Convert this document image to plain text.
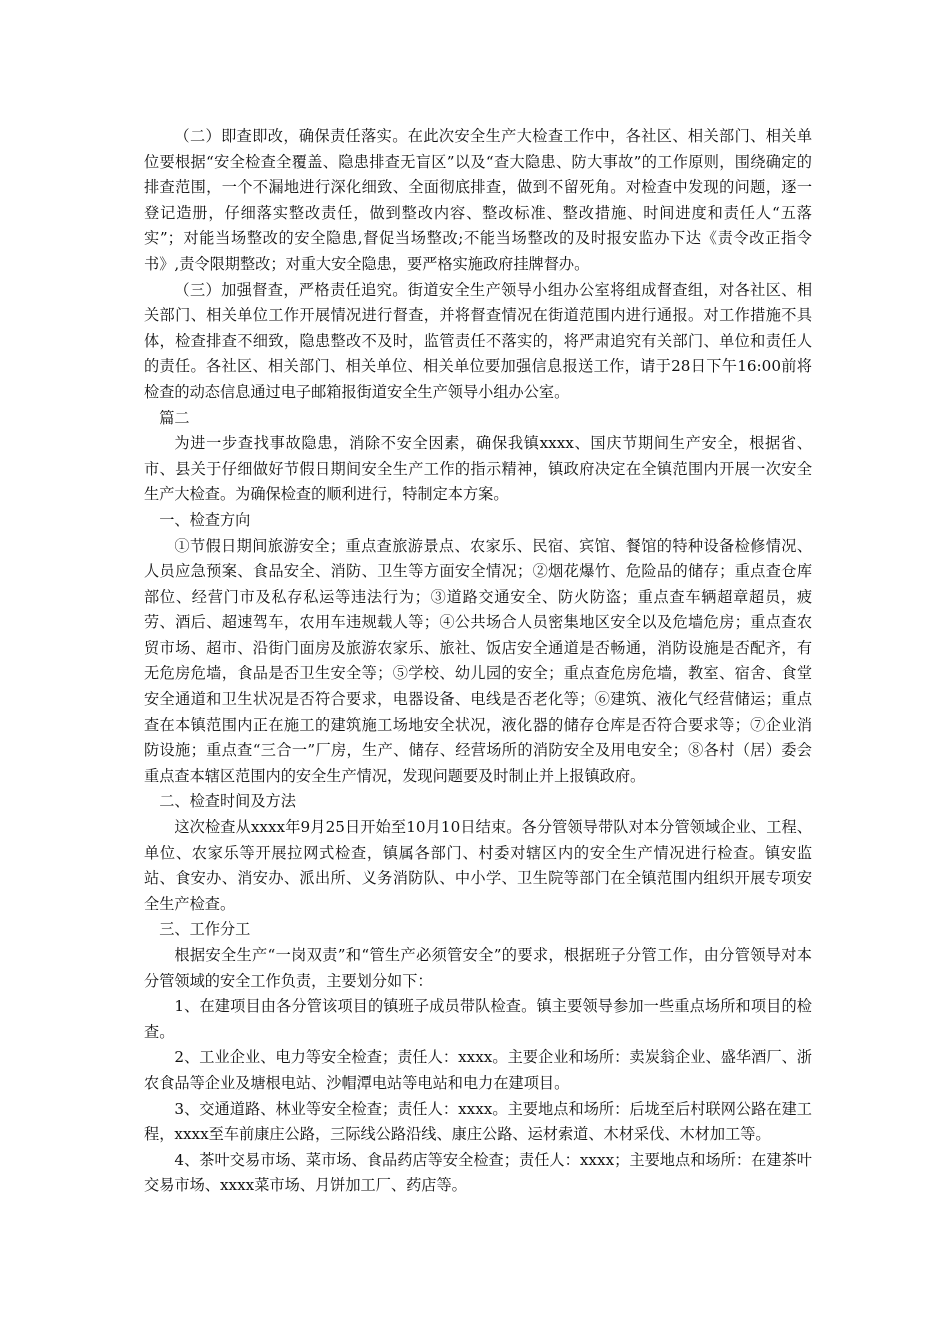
（二）即查即改，确保责任落实。在此次安全生产大检查工作中，各社区、相关部门、相关单位要根据“安全检查全覆盖、隐患排查无盲区”以及“查大隐患、防大事故”的工作原则，围绕确定的排查范围，一个不漏地进行深化细致、全面彻底排查，做到不留死角。对检查中发现的问题，逐一登记造册，仔细落实整改责任，做到整改内容、整改标准、整改措施、时间进度和责任人“五落实”；对能当场整改的安全隐患,督促当场整改;不能当场整改的及时报安监办下达《责令改正指令书》,责令限期整改；对重大安全隐患，要严格实施政府挂牌督办。

（三）加强督查，严格责任追究。街道安全生产领导小组办公室将组成督查组，对各社区、相关部门、相关单位工作开展情况进行督查，并将督查情况在街道范围内进行通报。对工作措施不具体，检查排查不细致，隐患整改不及时，监管责任不落实的，将严肃追究有关部门、单位和责任人的责任。各社区、相关部门、相关单位、相关单位要加强信息报送工作，请于28日下午16:00前将检查的动态信息通过电子邮箱报街道安全生产领导小组办公室。

篇二

为进一步查找事故隐患，消除不安全因素，确保我镇xxxx、国庆节期间生产安全，根据省、市、县关于仔细做好节假日期间安全生产工作的指示精神，镇政府决定在全镇范围内开展一次安全生产大检查。为确保检查的顺利进行，特制定本方案。

一、检查方向

①节假日期间旅游安全；重点查旅游景点、农家乐、民宿、宾馆、餐馆的特种设备检修情况、人员应急预案、食品安全、消防、卫生等方面安全情况；②烟花爆竹、危险品的储存；重点查仓库部位、经营门市及私存私运等违法行为；③道路交通安全、防火防盗；重点查车辆超章超员，疲劳、酒后、超速驾车，农用车违规载人等；④公共场合人员密集地区安全以及危墙危房；重点查农贸市场、超市、沿街门面房及旅游农家乐、旅社、饭店安全通道是否畅通，消防设施是否配齐，有无危房危墙，食品是否卫生安全等；⑤学校、幼儿园的安全；重点查危房危墙，教室、宿舍、食堂安全通道和卫生状况是否符合要求，电器设备、电线是否老化等；⑥建筑、液化气经营储运；重点查在本镇范围内正在施工的建筑施工场地安全状况，液化器的储存仓库是否符合要求等；⑦企业消防设施；重点查“三合一”厂房，生产、储存、经营场所的消防安全及用电安全；⑧各村（居）委会重点查本辖区范围内的安全生产情况，发现问题要及时制止并上报镇政府。

二、检查时间及方法

这次检查从xxxx年9月25日开始至10月10日结束。各分管领导带队对本分管领域企业、工程、单位、农家乐等开展拉网式检查，镇属各部门、村委对辖区内的安全生产情况进行检查。镇安监站、食安办、消安办、派出所、义务消防队、中小学、卫生院等部门在全镇范围内组织开展专项安全生产检查。

三、工作分工

根据安全生产“一岗双责”和“管生产必须管安全”的要求，根据班子分管工作，由分管领导对本分管领域的安全工作负责，主要划分如下：

1、在建项目由各分管该项目的镇班子成员带队检查。镇主要领导参加一些重点场所和项目的检查。

2、工业企业、电力等安全检查；责任人：xxxx。主要企业和场所：卖炭翁企业、盛华酒厂、浙农食品等企业及塘根电站、沙帽潭电站等电站和电力在建项目。

3、交通道路、林业等安全检查；责任人：xxxx。主要地点和场所：后垅至后村联网公路在建工程，xxxx至车前康庄公路，三际线公路沿线、康庄公路、运材索道、木材采伐、木材加工等。

4、茶叶交易市场、菜市场、食品药店等安全检查；责任人：xxxx；主要地点和场所：在建茶叶交易市场、xxxx菜市场、月饼加工厂、药店等。
